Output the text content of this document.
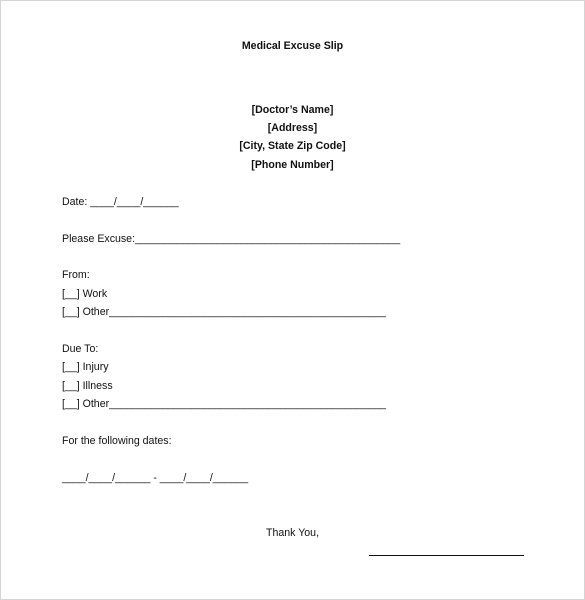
Medical Excuse Slip
[Doctor’s Name]
[Address]
[City, State Zip Code]
[Phone Number]
Date: ____/____/______
Please Excuse:_____________________________________________
From:
[__] Work
[__] Other_______________________________________________
Due To:
[__] Injury
[__] Illness
[__] Other_______________________________________________
For the following dates:
____/____/______ - ____/____/______
Thank You,
